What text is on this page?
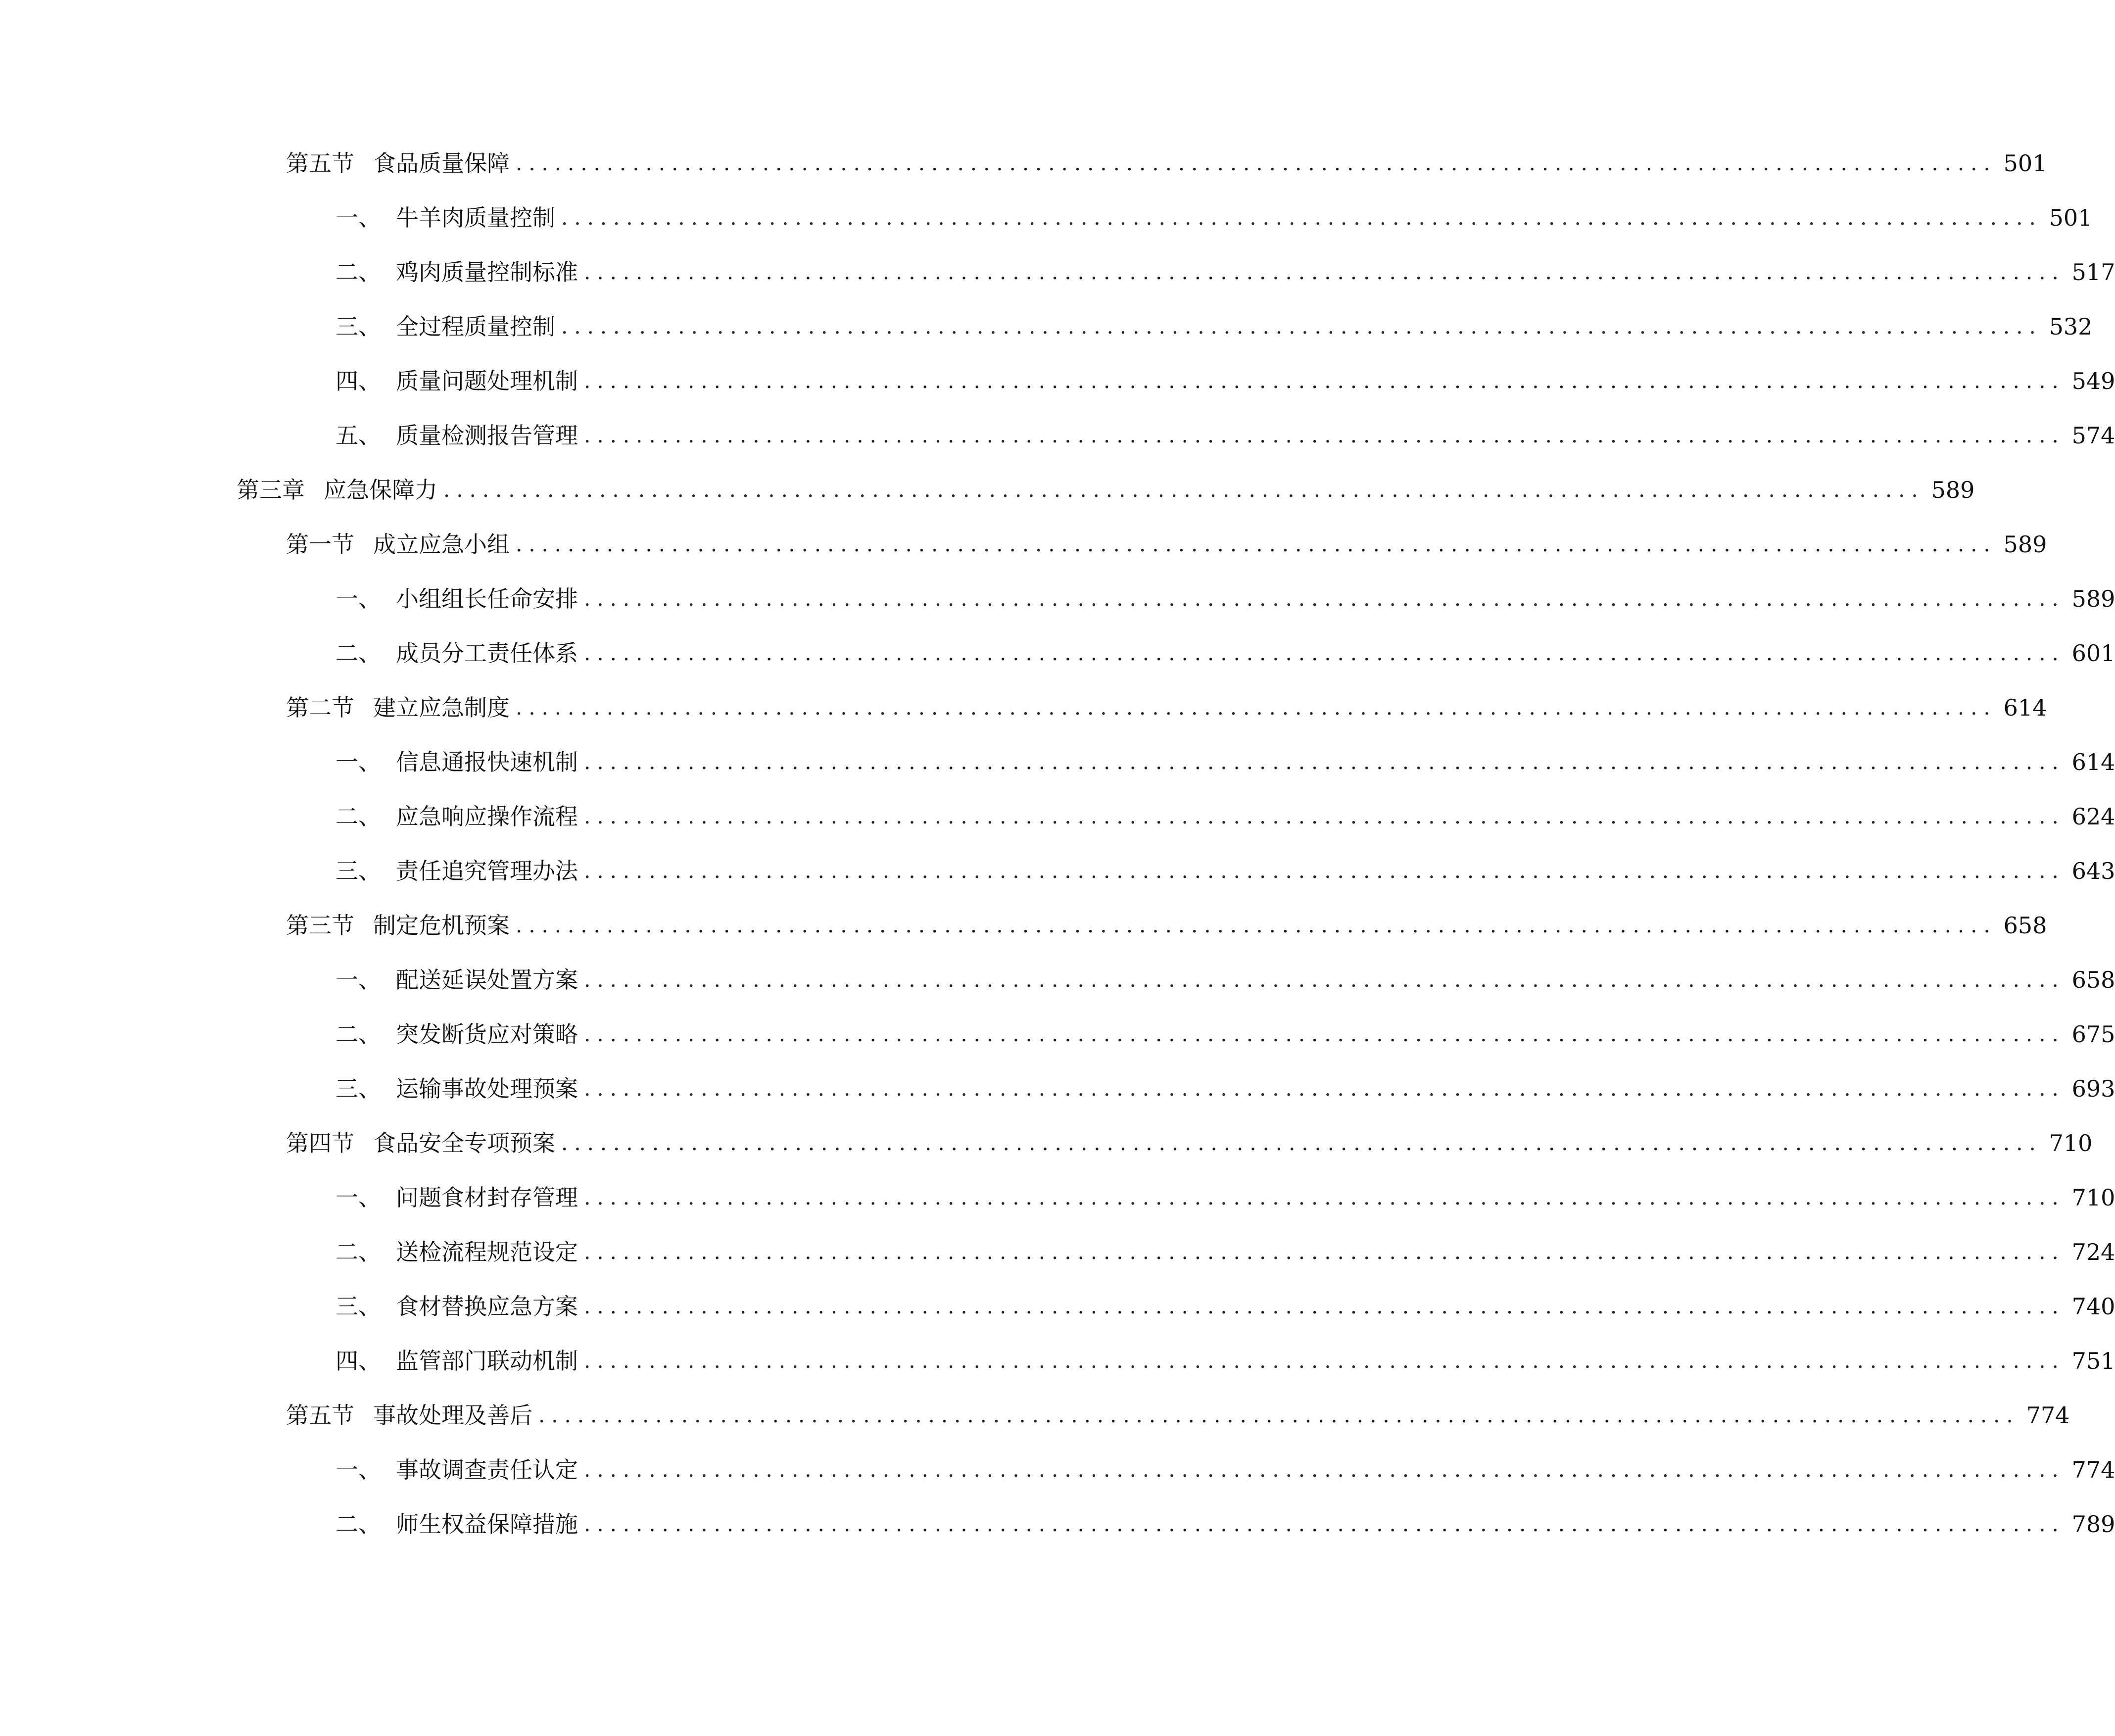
第五节 食品质量保障 .................................................................................................................. 501
一、 牛羊肉质量控制 .................................................................................................................. 501
二、 鸡肉质量控制标准 .................................................................................................................. 517
三、 全过程质量控制 .................................................................................................................. 532
四、 质量问题处理机制 .................................................................................................................. 549
五、 质量检测报告管理 .................................................................................................................. 574
第三章 应急保障力 .................................................................................................................. 589
第一节 成立应急小组 .................................................................................................................. 589
一、 小组组长任命安排 .................................................................................................................. 589
二、 成员分工责任体系 .................................................................................................................. 601
第二节 建立应急制度 .................................................................................................................. 614
一、 信息通报快速机制 .................................................................................................................. 614
二、 应急响应操作流程 .................................................................................................................. 624
三、 责任追究管理办法 .................................................................................................................. 643
第三节 制定危机预案 .................................................................................................................. 658
一、 配送延误处置方案 .................................................................................................................. 658
二、 突发断货应对策略 .................................................................................................................. 675
三、 运输事故处理预案 .................................................................................................................. 693
第四节 食品安全专项预案 .................................................................................................................. 710
一、 问题食材封存管理 .................................................................................................................. 710
二、 送检流程规范设定 .................................................................................................................. 724
三、 食材替换应急方案 .................................................................................................................. 740
四、 监管部门联动机制 .................................................................................................................. 751
第五节 事故处理及善后 .................................................................................................................. 774
一、 事故调查责任认定 .................................................................................................................. 774
二、 师生权益保障措施 .................................................................................................................. 789
